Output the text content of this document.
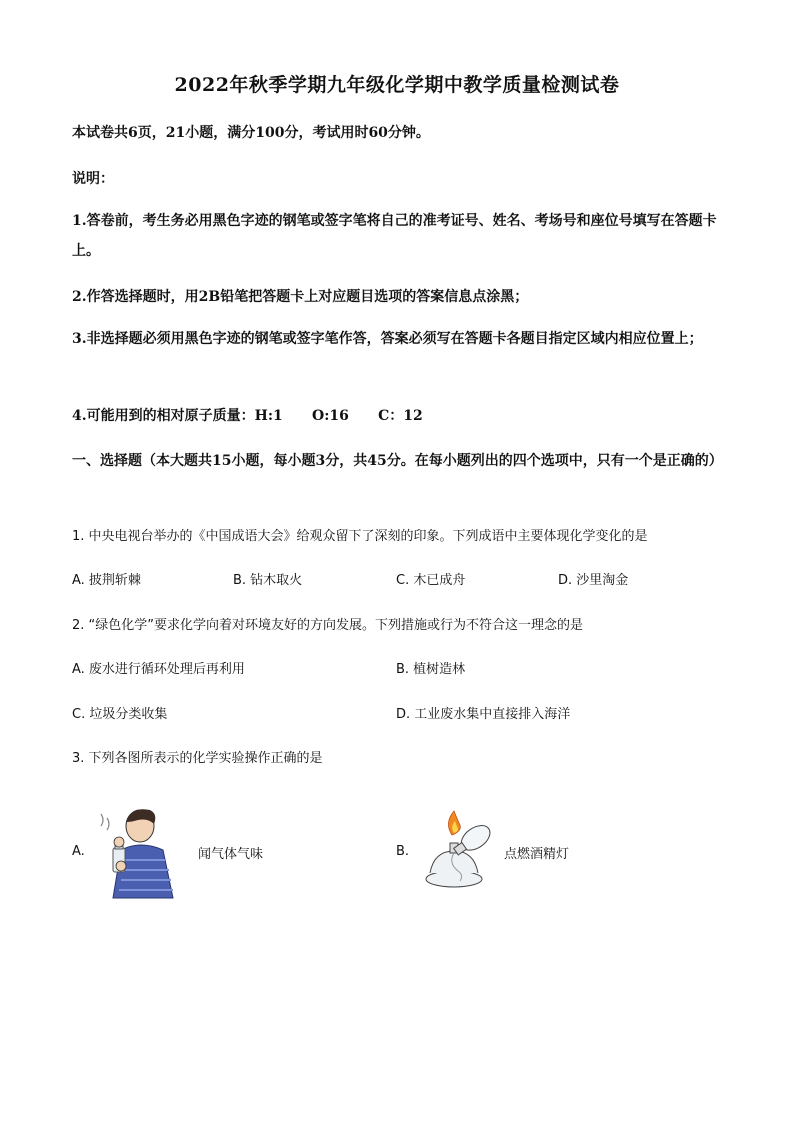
2022年秋季学期九年级化学期中教学质量检测试卷
本试卷共6页，21小题，满分100分，考试用时60分钟。
说明：
1.答卷前，考生务必用黑色字迹的钢笔或签字笔将自己的准考证号、姓名、考场号和座位号填写在答题卡上。
2.作答选择题时，用2B铅笔把答题卡上对应题目选项的答案信息点涂黑；
3.非选择题必须用黑色字迹的钢笔或签字笔作答，答案必须写在答题卡各题目指定区域内相应位置上；
4.可能用到的相对原子质量：H:1      O:16      C：12
一、选择题（本大题共15小题，每小题3分，共45分。在每小题列出的四个选项中，只有一个是正确的）
1. 中央电视台举办的《中国成语大会》给观众留下了深刻的印象。下列成语中主要体现化学变化的是
A. 披荆斩棘	B. 钻木取火	C. 木已成舟	D. 沙里淘金
2. “绿色化学”要求化学向着对环境友好的方向发展。下列措施或行为不符合这一理念的是
A. 废水进行循环处理后再利用	B. 植树造林
C. 垃圾分类收集	D. 工业废水集中直接排入海洋
3. 下列各图所表示的化学实验操作正确的是
A.	闻气体气味	B.	点燃酒精灯
